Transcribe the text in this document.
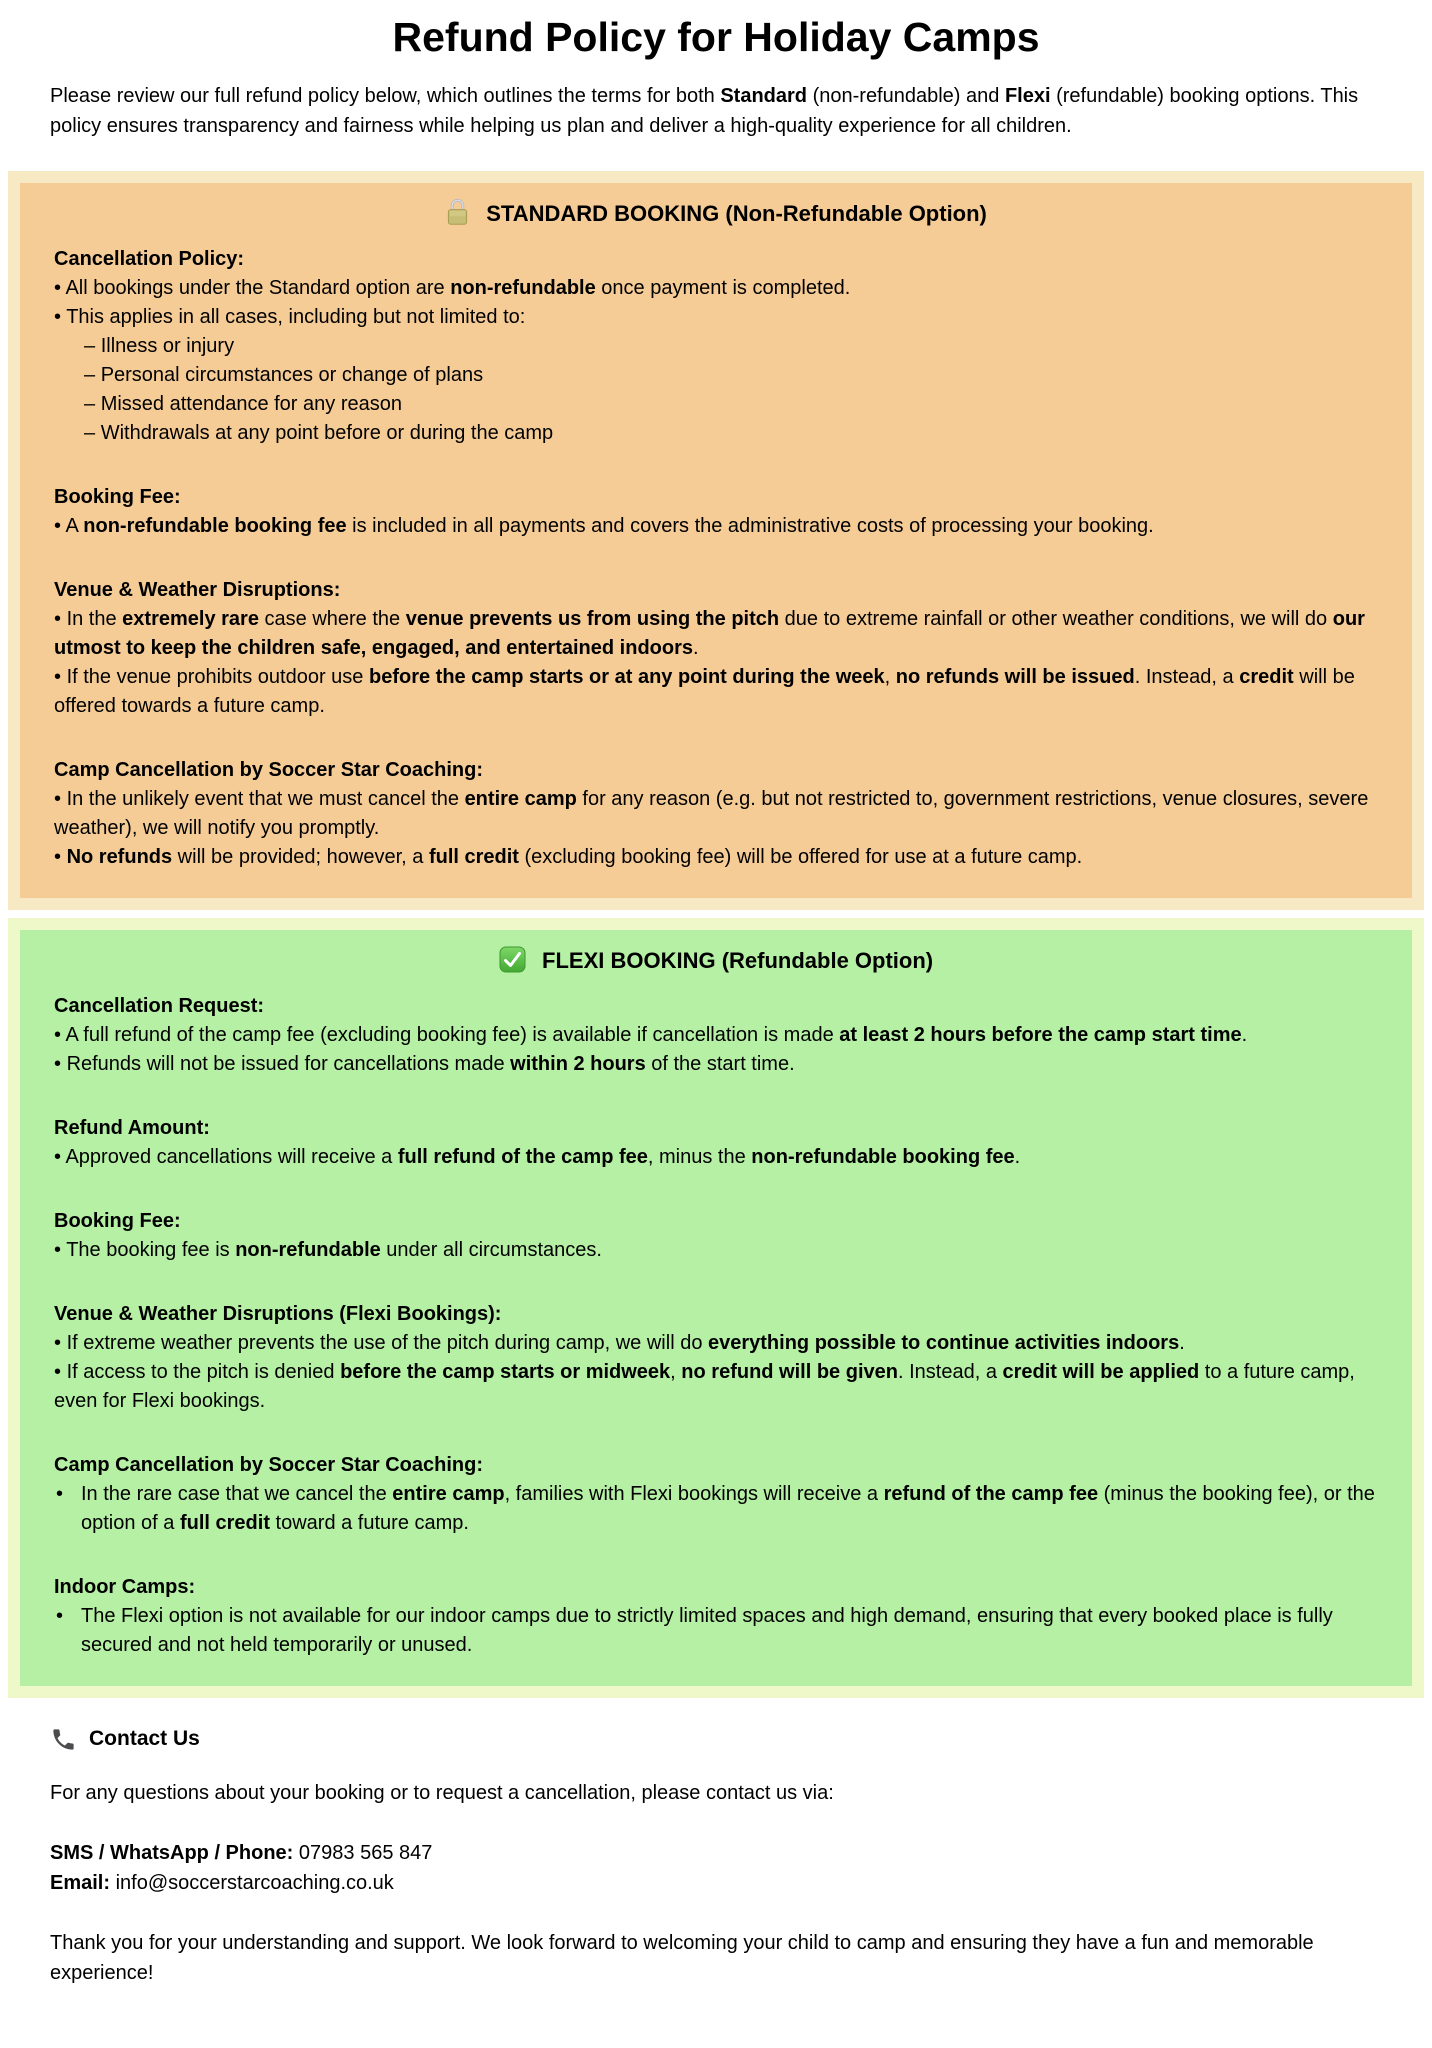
Refund Policy for Holiday Camps

Please review our full refund policy below, which outlines the terms for both Standard (non-refundable) and Flexi (refundable) booking options. This policy ensures transparency and fairness while helping us plan and deliver a high-quality experience for all children.

STANDARD BOOKING (Non-Refundable Option)
Cancellation Policy:
• All bookings under the Standard option are non-refundable once payment is completed.
• This applies in all cases, including but not limited to:
– Illness or injury
– Personal circumstances or change of plans
– Missed attendance for any reason
– Withdrawals at any point before or during the camp
Booking Fee:
• A non-refundable booking fee is included in all payments and covers the administrative costs of processing your booking.
Venue & Weather Disruptions:
• In the extremely rare case where the venue prevents us from using the pitch due to extreme rainfall or other weather conditions, we will do our utmost to keep the children safe, engaged, and entertained indoors.
• If the venue prohibits outdoor use before the camp starts or at any point during the week, no refunds will be issued. Instead, a credit will be offered towards a future camp.
Camp Cancellation by Soccer Star Coaching:
• In the unlikely event that we must cancel the entire camp for any reason (e.g. but not restricted to, government restrictions, venue closures, severe weather), we will notify you promptly.
• No refunds will be provided; however, a full credit (excluding booking fee) will be offered for use at a future camp.
FLEXI BOOKING (Refundable Option)
Cancellation Request:
• A full refund of the camp fee (excluding booking fee) is available if cancellation is made at least 2 hours before the camp start time.
• Refunds will not be issued for cancellations made within 2 hours of the start time.
Refund Amount:
• Approved cancellations will receive a full refund of the camp fee, minus the non-refundable booking fee.
Booking Fee:
• The booking fee is non-refundable under all circumstances.
Venue & Weather Disruptions (Flexi Bookings):
• If extreme weather prevents the use of the pitch during camp, we will do everything possible to continue activities indoors.
• If access to the pitch is denied before the camp starts or midweek, no refund will be given. Instead, a credit will be applied to a future camp, even for Flexi bookings.
Camp Cancellation by Soccer Star Coaching:
• In the rare case that we cancel the entire camp, families with Flexi bookings will receive a refund of the camp fee (minus the booking fee), or the option of a full credit toward a future camp.
Indoor Camps:
• The Flexi option is not available for our indoor camps due to strictly limited spaces and high demand, ensuring that every booked place is fully secured and not held temporarily or unused.
Contact Us

For any questions about your booking or to request a cancellation, please contact us via:

SMS / WhatsApp / Phone: 07983 565 847
Email: info@soccerstarcoaching.co.uk

Thank you for your understanding and support. We look forward to welcoming your child to camp and ensuring they have a fun and memorable experience!
